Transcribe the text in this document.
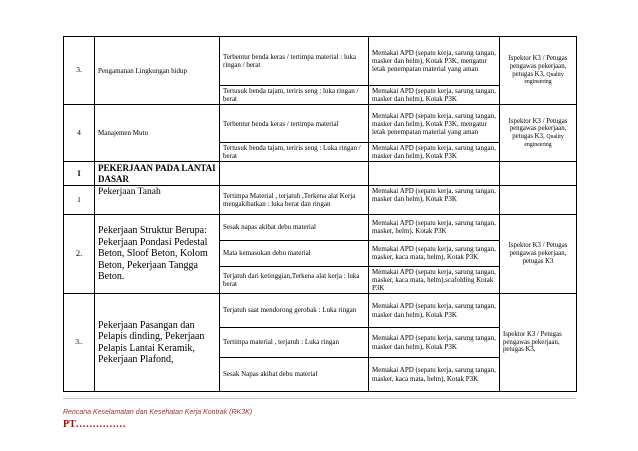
3.	Pengamanan Lingkungan hidup	Terbentur benda keras / tertimpa material : luka ringan / berat	Memakai APD (sepatu kerja, sarung tangan, masker dan helm), Kotak P3K, mengatur letak penempatan material yang aman	Ispektor K3 / Petugas pengawas pekerjaan, petugas K3, Quality engineering
		Tertusuk benda tajam, teriris seng : luka ringan / berat	Memakai APD (sepatu kerja, sarung tangan, masker dan helm), Kotak P3K	
4	Manajemen Mutu	Terbentur benda keras / tertimpa material	Memakai APD (sepatu kerja, sarung tangan, masker dan helm), Kotak P3K, mengatur letak penempatan material yang aman	Ispektor K3 / Petugas pengawas pekerjaan, petugas K3, Quality engineering
		Tertusuk benda tajam, teriris seng : Luka ringan / berat	Memakai APD (sepatu kerja, sarung tangan, masker dan helm), Kotak P3K	
I	PEKERJAAN PADA LANTAI DASAR			
1	Pekerjaan Tanah	Tertimpa Material , terjatuh ,Terkena alat Kerja mengakibatkan : luka berat dan ringan	Memakai APD (sepatu kerja, sarung tangan, masker dan helm), Kotak P3K	
2.	Pekerjaan Struktur Berupa: Pekerjaan Pondasi Pedestal Beton, Sloof Beton, Kolom Beton, Pekerjaan Tangga Beton.	Sesak napas akibat debu material	Memakai APD (sepatu kerja, sarung tangan, masker, helm), Kotak P3K	Ispektor K3 / Petugas pengawas pekerjaan, petugas K3
		Mata kemasukan debu material	Memakai APD (sepatu kerja, sarung tangan, masker, kaca mata, helm), Kotak P3K	
		Terjatuh dari ketinggian,Terkena alat kerja : luka berat	Memakai APD (sepatu kerja, sarung tangan, masker, kaca mata, helm),scafolding Kotak P3K	
3..	Pekerjaan Pasangan dan Pelapis dinding, Pekerjaan Pelapis Lantai Keramik, Pekerjaan Plafond,	Terjatuh saat mendorong gerobak : Luka ringan	Memakai APD (sepatu kerja, sarung tangan, masker dan helm), Kotak P3K	Ispektor K3 / Petugas pengawas pekerjaan, petugas K3,
		Tertimpa material , terjatuh : Luka ringan	Memakai APD (sepatu kerja, sarung tangan, masker dan helm), Kotak P3K	
		Sesak Napas akibat debu material	Memakai APD (sepatu kerja, sarung tangan, masker, kaca mata, helm), Kotak P3K	
Rencana Keselamatan dan Kesehatan Kerja Kontrak (RK3K)
PT……………
